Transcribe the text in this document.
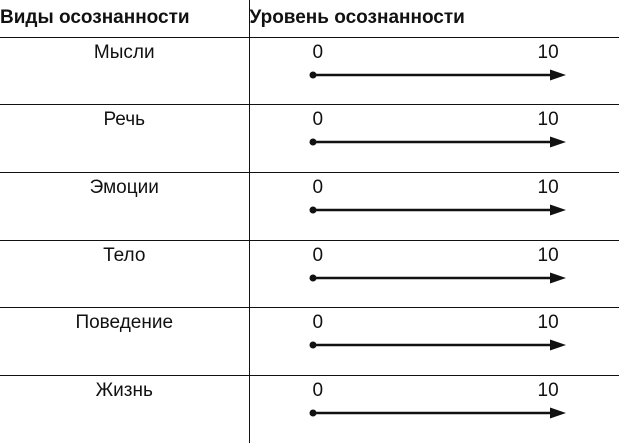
Виды осознанности	Уровень осознанности
Мысли	0 10

Речь	0 10

Эмоции	0 10

Тело	0 10

Поведение	0 10

Жизнь	0 10
